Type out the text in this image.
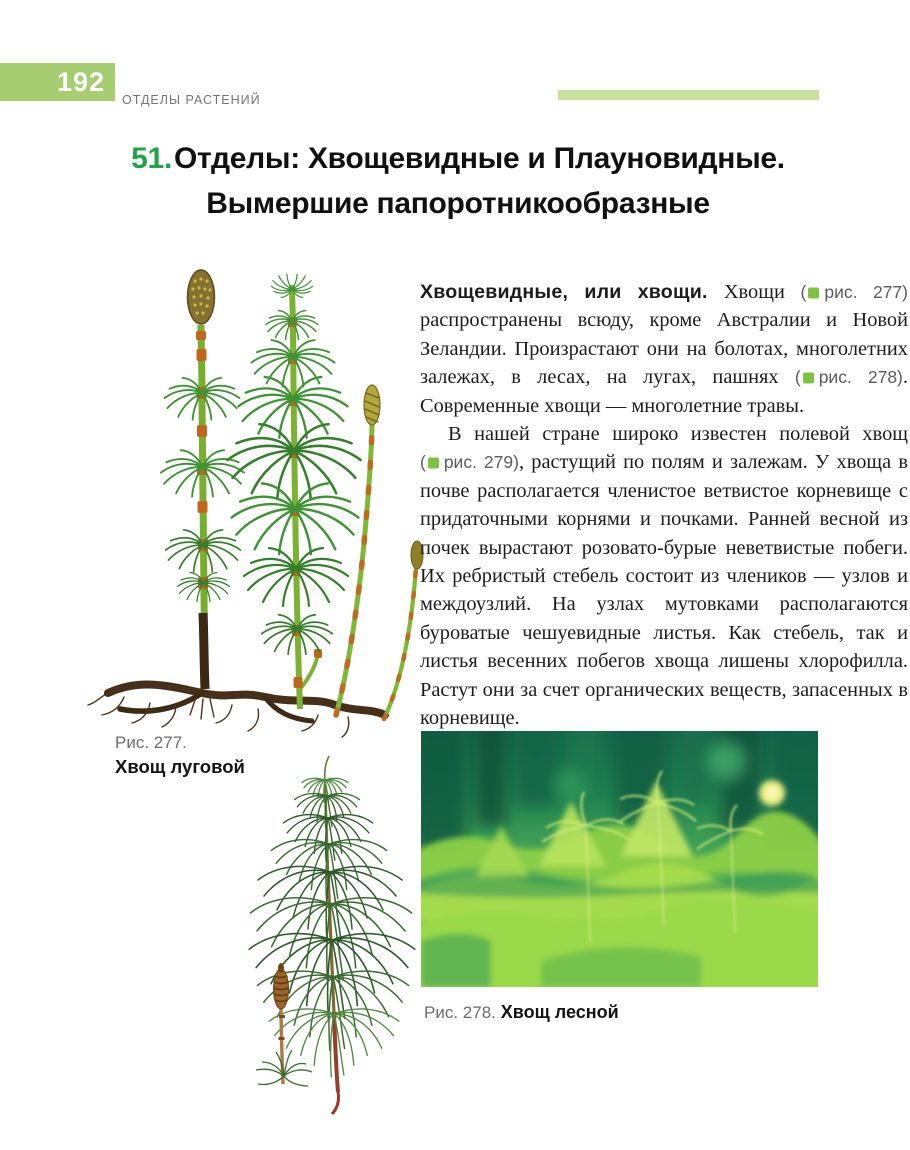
192
ОТДЕЛЫ РАСТЕНИЙ
51.Отделы: Хвощевидные и Плауновидные.
Вымершие папоротникообразные
Рис. 277.
Хвощ луговой

Хвощевидные, или хвощи. Хвощи ( рис. 277) распространены всюду, кроме Австралии и Новой Зеландии. Произрастают они на болотах, многолетних залежах, в лесах, на лугах, пашнях ( рис. 278). Современные хвощи — многолетние травы.

В нашей стране широко известен полевой хвощ ( рис. 279), растущий по полям и залежам. У хвоща в почве располагается членистое ветвистое корневище с придаточными корнями и почками. Ранней весной из почек вырастают розовато-бурые неветвистые побеги. Их ребристый стебель состоит из члеников — узлов и междоузлий. На узлах мутовками располагаются буроватые чешуевидные листья. Как стебель, так и листья весенних побегов хвоща лишены хлорофилла. Растут они за счет органических веществ, запасенных в корневище.

Рис. 278. Хвощ лесной
